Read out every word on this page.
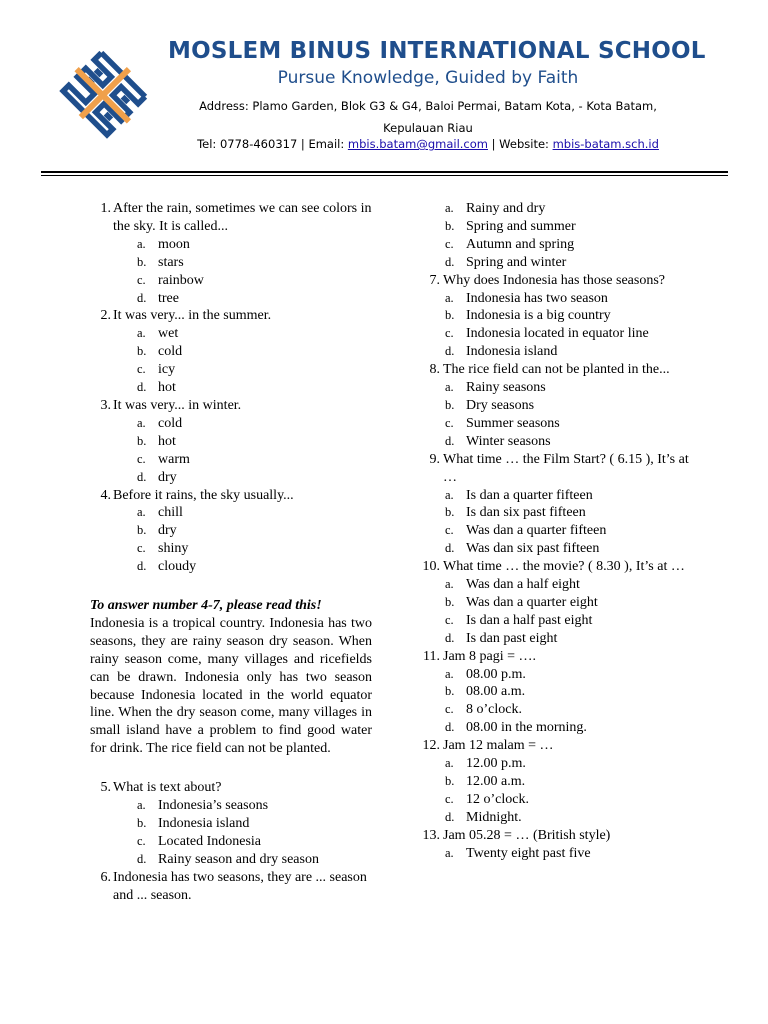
MOSLEM BINUS INTERNATIONAL SCHOOL
Pursue Knowledge, Guided by Faith
Address: Plamo Garden, Blok G3 & G4, Baloi Permai, Batam Kota, - Kota Batam, Kepulauan Riau
Tel: 0778-460317 | Email: mbis.batam@gmail.com | Website: mbis-batam.sch.id
1. After the rain, sometimes we can see colors in the sky. It is called...
a. moon
b. stars
c. rainbow
d. tree
2. It was very... in the summer.
a. wet
b. cold
c. icy
d. hot
3. It was very... in winter.
a. cold
b. hot
c. warm
d. dry
4. Before it rains, the sky usually...
a. chill
b. dry
c. shiny
d. cloudy
To answer number 4-7, please read this!
Indonesia is a tropical country. Indonesia has two seasons, they are rainy season dry season. When rainy season come, many villages and ricefields can be drawn. Indonesia only has two season because Indonesia located in the world equator line. When the dry season come, many villages in small island have a problem to find good water for drink. The rice field can not be planted.
5. What is text about?
a. Indonesia’s seasons
b. Indonesia island
c. Located Indonesia
d. Rainy season and dry season
6. Indonesia has two seasons, they are ... season and ... season.
a. Rainy and dry
b. Spring and summer
c. Autumn and spring
d. Spring and winter
7. Why does Indonesia has those seasons?
a. Indonesia has two season
b. Indonesia is a big country
c. Indonesia located in equator line
d. Indonesia island
8. The rice field can not be planted in the...
a. Rainy seasons
b. Dry seasons
c. Summer seasons
d. Winter seasons
9. What time … the Film Start? ( 6.15 ), It’s at …
a. Is dan a quarter fifteen
b. Is dan six past fifteen
c. Was dan a quarter fifteen
d. Was dan six past fifteen
10. What time … the movie? ( 8.30 ), It’s at …
a. Was dan a half eight
b. Was dan a quarter eight
c. Is dan a half past eight
d. Is dan past eight
11. Jam 8 pagi = ….
a. 08.00 p.m.
b. 08.00 a.m.
c. 8 o’clock.
d. 08.00 in the morning.
12. Jam 12 malam = …
a. 12.00 p.m.
b. 12.00 a.m.
c. 12 o’clock.
d. Midnight.
13. Jam 05.28 = … (British style)
a. Twenty eight past five
